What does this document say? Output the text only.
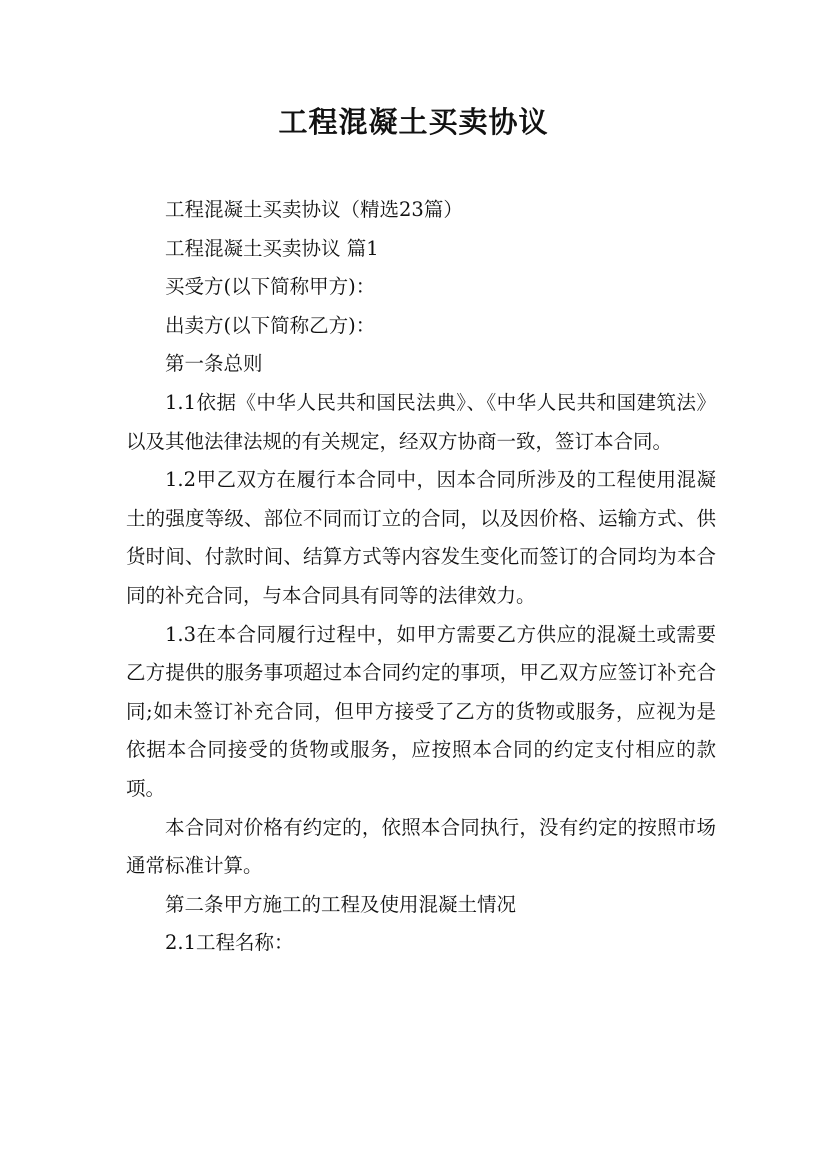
工程混凝土买卖协议

工程混凝土买卖协议（精选23篇）

工程混凝土买卖协议 篇1

买受方(以下简称甲方)：

出卖方(以下简称乙方)：

第一条总则

1.1依据《中华人民共和国民法典》、《中华人民共和国建筑法》以及其他法律法规的有关规定，经双方协商一致，签订本合同。

1.2甲乙双方在履行本合同中，因本合同所涉及的工程使用混凝土的强度等级、部位不同而订立的合同，以及因价格、运输方式、供货时间、付款时间、结算方式等内容发生变化而签订的合同均为本合同的补充合同，与本合同具有同等的法律效力。

1.3在本合同履行过程中，如甲方需要乙方供应的混凝土或需要乙方提供的服务事项超过本合同约定的事项，甲乙双方应签订补充合同;如未签订补充合同，但甲方接受了乙方的货物或服务，应视为是依据本合同接受的货物或服务，应按照本合同的约定支付相应的款项。

本合同对价格有约定的，依照本合同执行，没有约定的按照市场通常标准计算。

第二条甲方施工的工程及使用混凝土情况

2.1工程名称：
